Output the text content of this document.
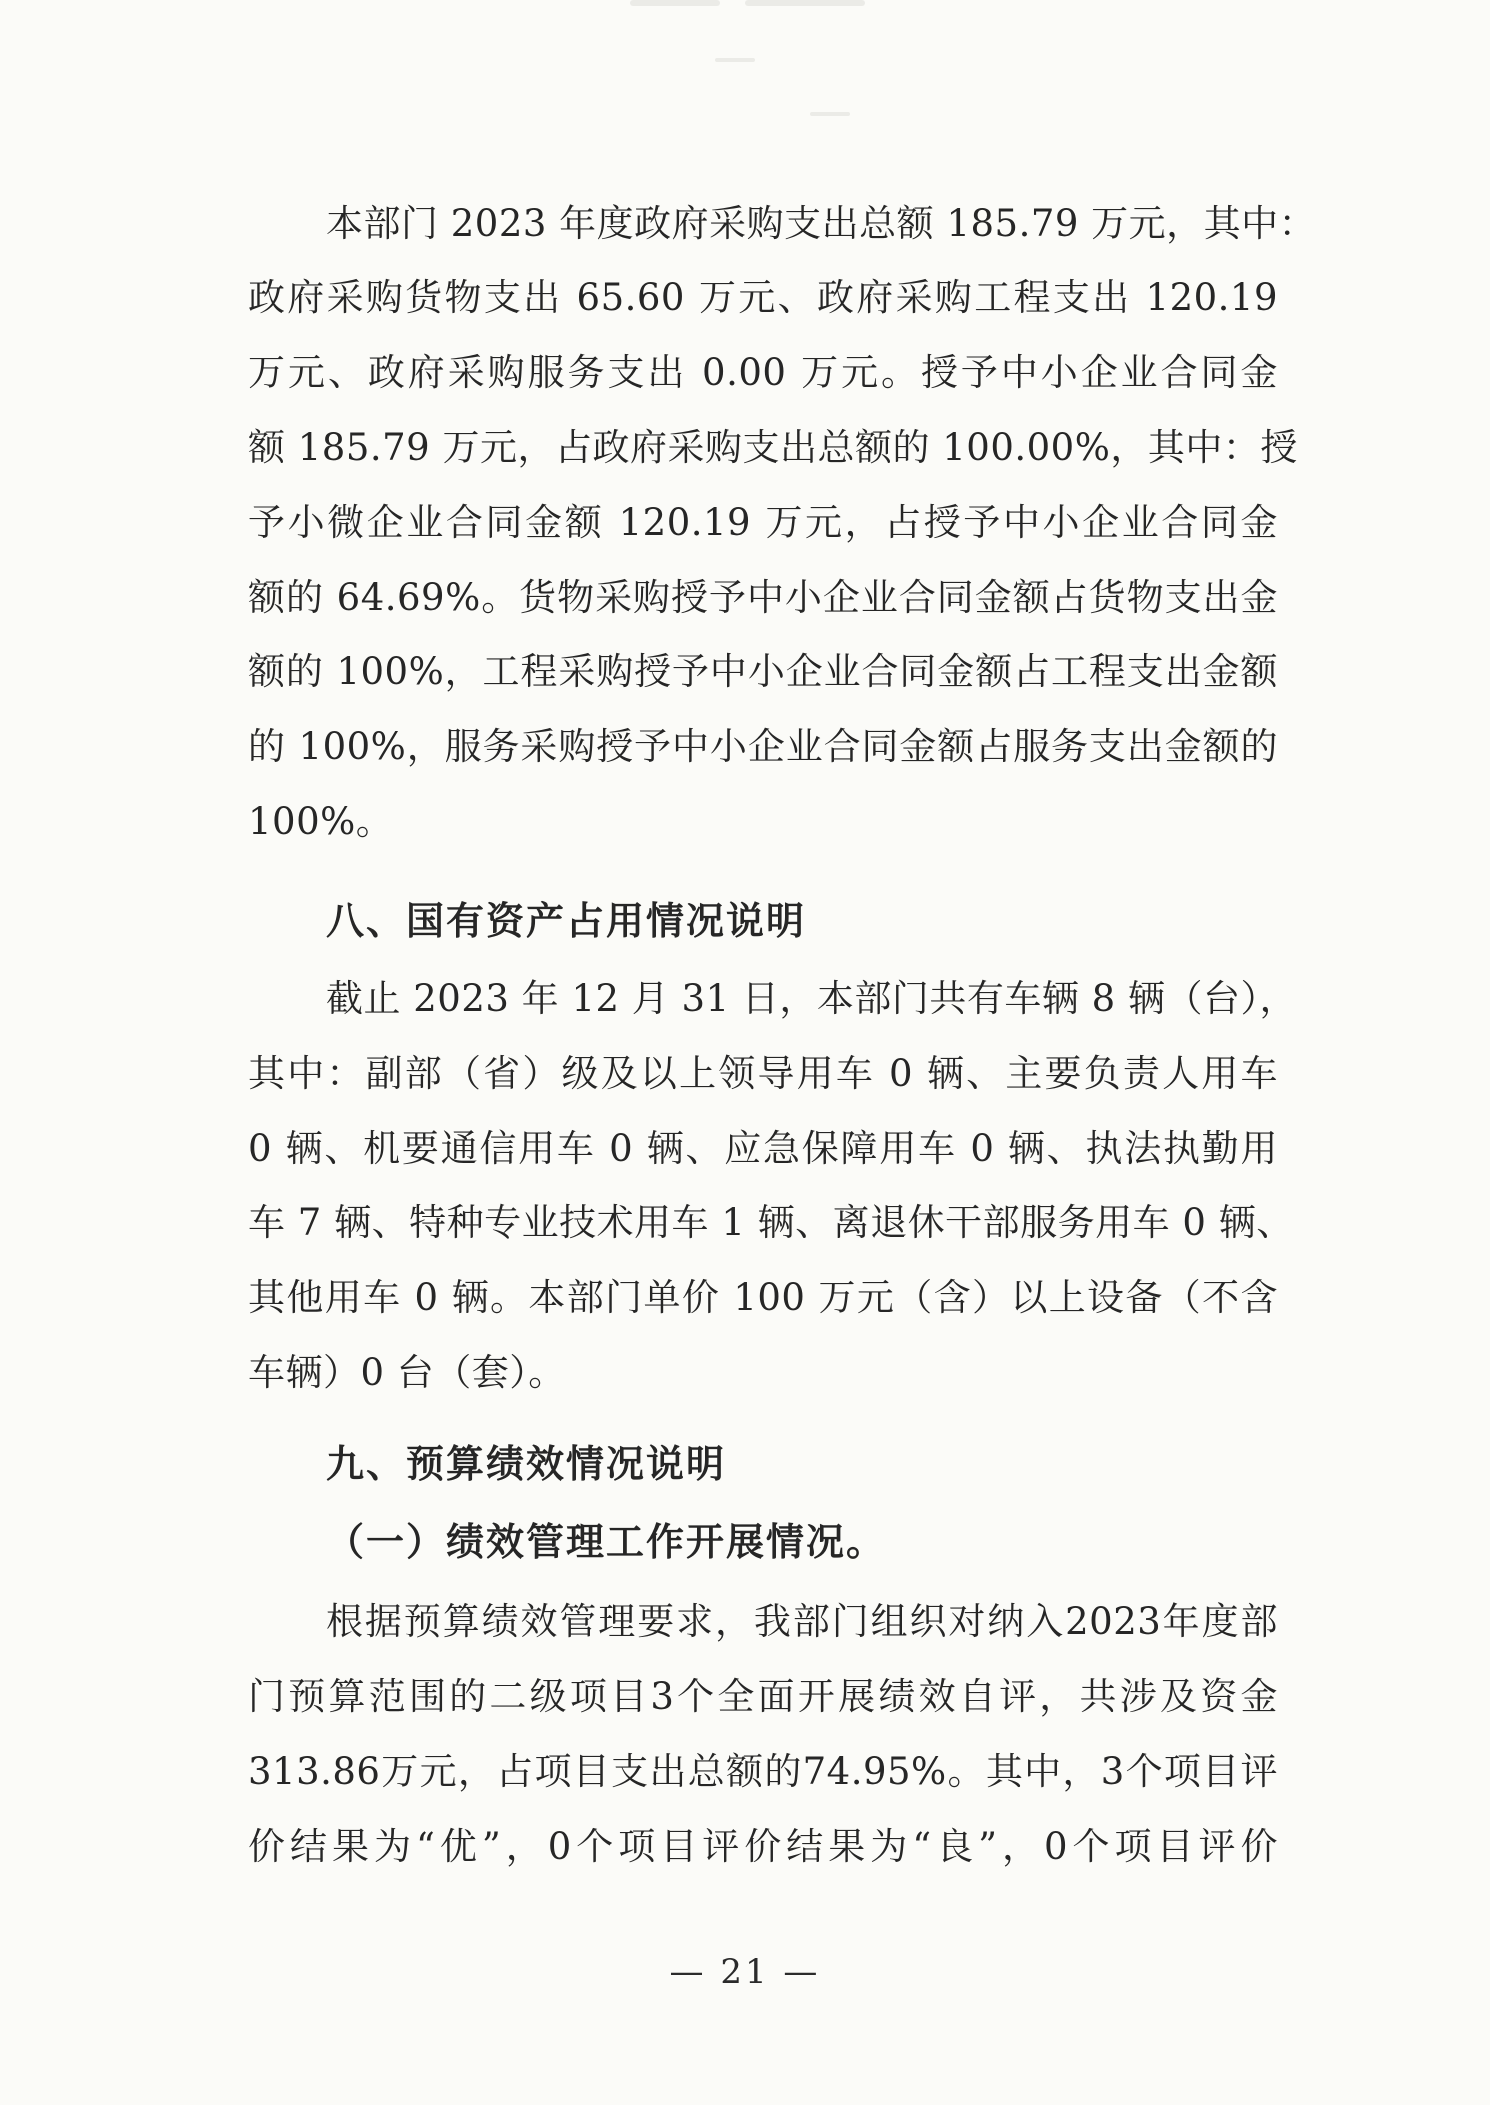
本部门 2023 年度政府采购支出总额 185.79 万元，其中：
政府采购货物支出 65.60 万元、政府采购工程支出 120.19
万元、政府采购服务支出 0.00 万元。授予中小企业合同金
额 185.79 万元，占政府采购支出总额的 100.00%，其中：授
予小微企业合同金额 120.19 万元，占授予中小企业合同金
额的 64.69%。货物采购授予中小企业合同金额占货物支出金
额的 100%，工程采购授予中小企业合同金额占工程支出金额
的 100%，服务采购授予中小企业合同金额占服务支出金额的
100%。
八、国有资产占用情况说明
截止 2023 年 12 月 31 日，本部门共有车辆 8 辆（台），
其中：副部（省）级及以上领导用车 0 辆、主要负责人用车
0 辆、机要通信用车 0 辆、应急保障用车 0 辆、执法执勤用
车 7 辆、特种专业技术用车 1 辆、离退休干部服务用车 0 辆、
其他用车 0 辆。本部门单价 100 万元（含）以上设备（不含
车辆）0 台（套）。
九、预算绩效情况说明
（一）绩效管理工作开展情况。
根据预算绩效管理要求，我部门组织对纳入2023年度部
门预算范围的二级项目3个全面开展绩效自评，共涉及资金
313.86万元，占项目支出总额的74.95%。其中，3个项目评
价结果为“优”，0个项目评价结果为“良”，0个项目评价
— 21 —
